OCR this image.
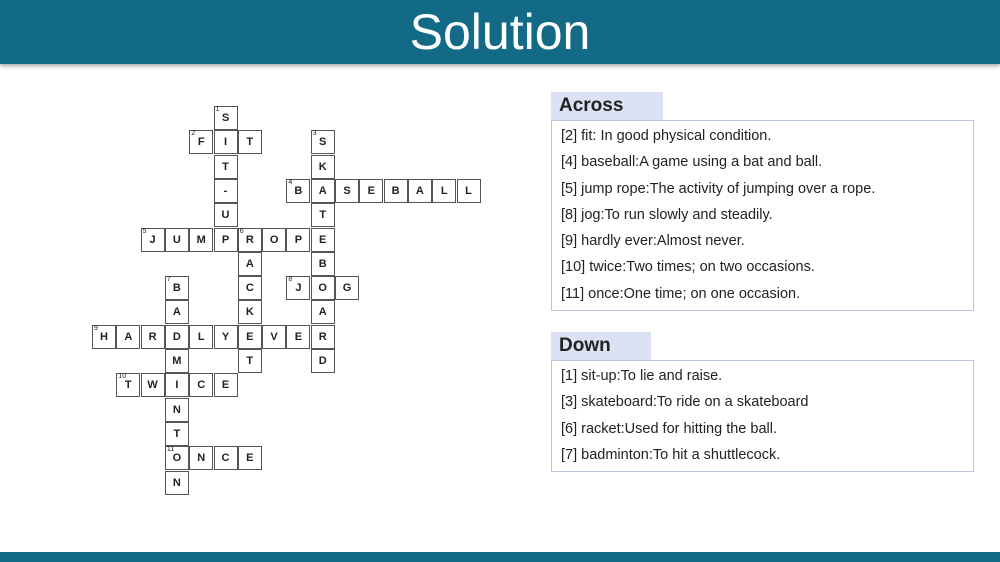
Solution
S
1
I
T
-
U
P
F
2
T	S
3
K
A
T
E
B
O
A
R
D
B
4
S	E	B	A	L	L
J
5
U	M	R
6
O	P
A
C
K
E
T
B
7
A
D
M
I
N
T
O
11
N
J
8
G
H
9
A	R	L	Y	V	E
T
10
W	C	E
N	C	E
Across
[2] fit: In good physical condition.
[4] baseball:A game using a bat and ball.
[5] jump rope:The activity of jumping over a rope.
[8] jog:To run slowly and steadily.
[9] hardly ever:Almost never.
[10] twice:Two times; on two occasions.
[11] once:One time; on one occasion.
Down
[1] sit-up:To lie and raise.
[3] skateboard:To ride on a skateboard
[6] racket:Used for hitting the ball.
[7] badminton:To hit a shuttlecock.
